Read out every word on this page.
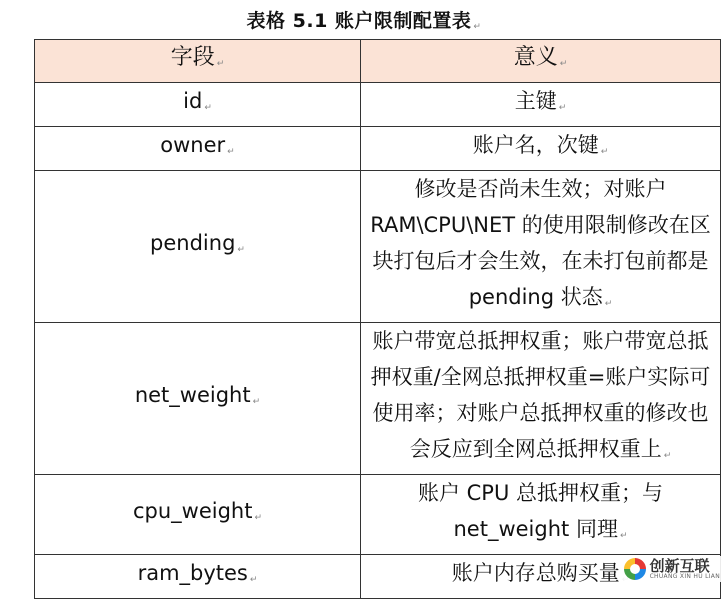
表格 5.1 账户限制配置表 ↵
字段 ↵	意义 ↵
id ↵	主键 ↵
owner ↵	账户名，次键 ↵
pending ↵	修改是否尚未生效；对账户RAM\CPU\NET 的使用限制修改在区块打包后才会生效，在未打包前都是 pending 状态 ↵
net_weight ↵	账户带宽总抵押权重；账户带宽总抵押权重/全网总抵押权重=账户实际可使用率；对账户总抵押权重的修改也会反应到全网总抵押权重上 ↵
cpu_weight ↵	账户 CPU 总抵押权重；与 net_weight 同理 ↵
ram_bytes ↵	账户内存总购买量 创新互联
CHUANG XIN HU LIAN
